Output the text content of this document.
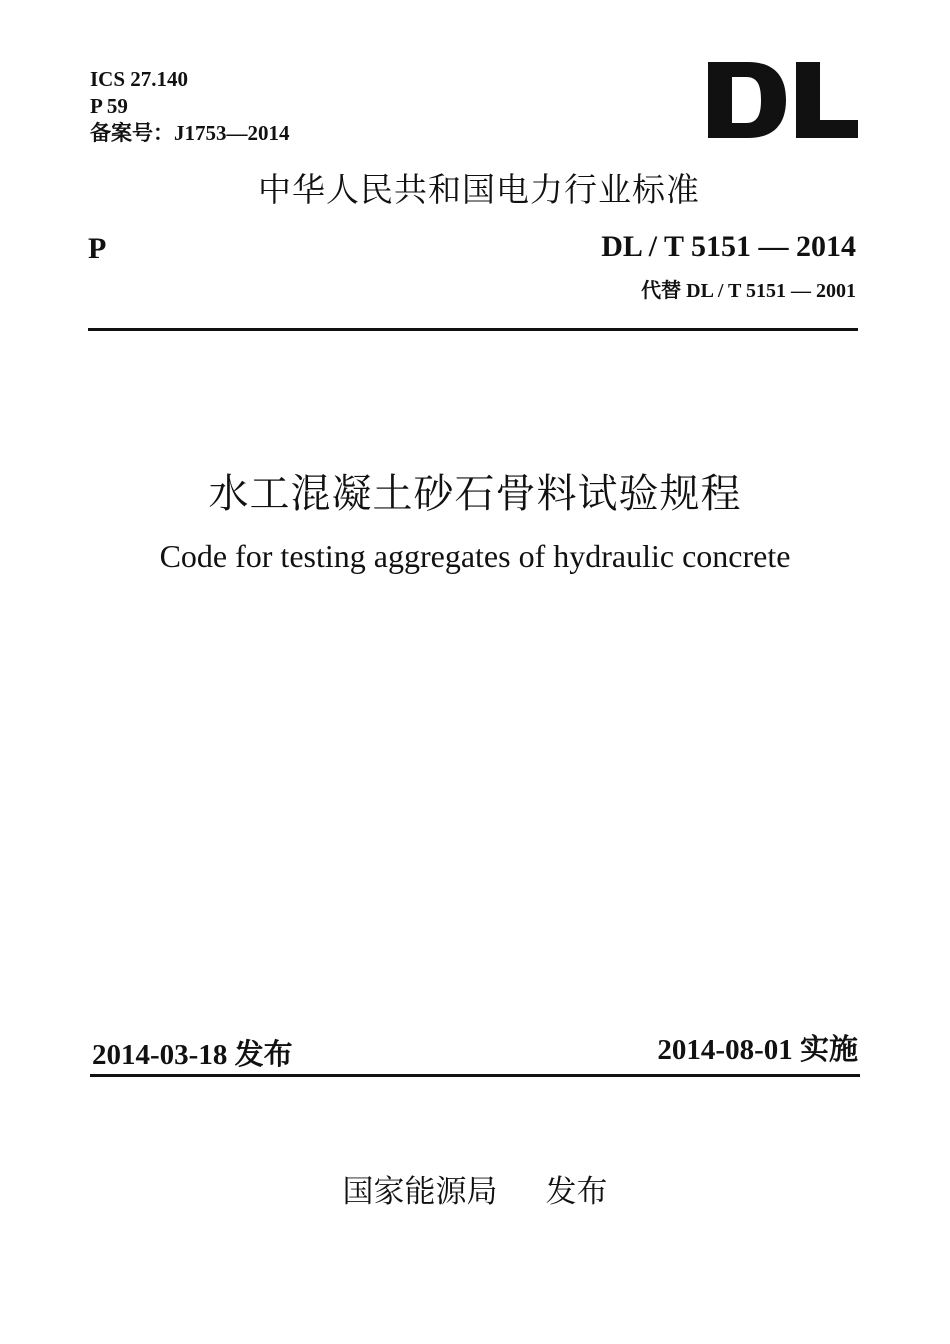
ICS 27.140
P 59
备案号：J1753—2014
中华人民共和国电力行业标准
P	DL / T 5151 — 2014
代替 DL / T 5151 — 2001
水工混凝土砂石骨料试验规程
Code for testing aggregates of hydraulic concrete
2014-03-18 发布	2014-08-01 实施
国家能源局 发布
